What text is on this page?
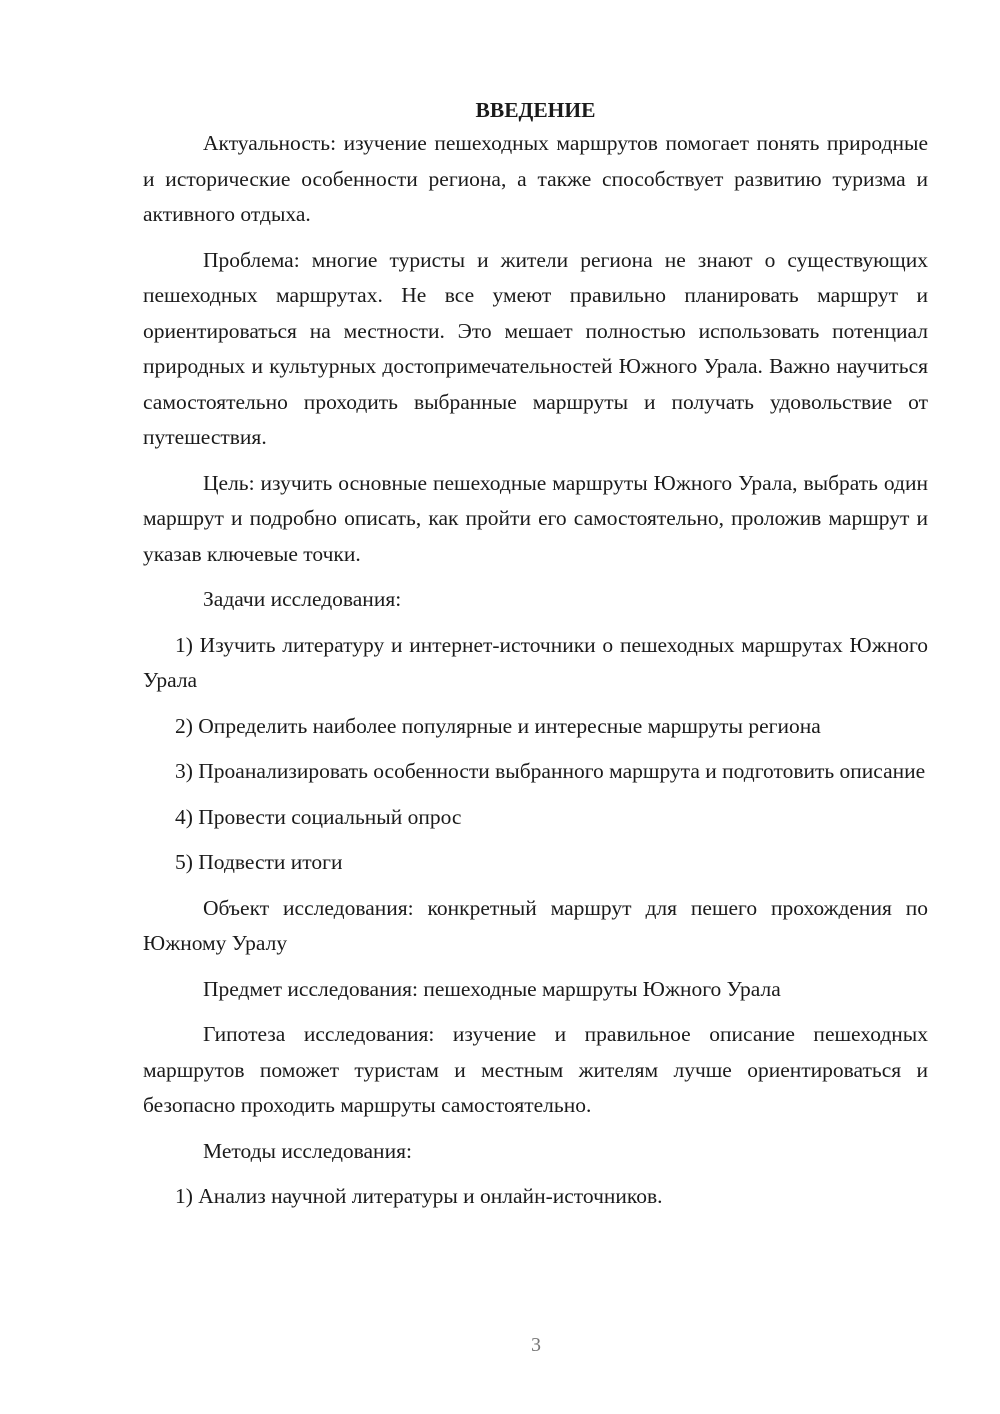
ВВЕДЕНИЕ

Актуальность: изучение пешеходных маршрутов помогает понять природные и исторические особенности региона, а также способствует развитию туризма и активного отдыха.

Проблема: многие туристы и жители региона не знают о существующих пешеходных маршрутах. Не все умеют правильно планировать маршрут и ориентироваться на местности. Это мешает полностью использовать потенциал природных и культурных достопримечательностей Южного Урала. Важно научиться самостоятельно проходить выбранные маршруты и получать удовольствие от путешествия.

Цель: изучить основные пешеходные маршруты Южного Урала, выбрать один маршрут и подробно описать, как пройти его самостоятельно, проложив маршрут и указав ключевые точки.

Задачи исследования:

1) Изучить литературу и интернет-источники о пешеходных маршрутах Южного Урала

2) Определить наиболее популярные и интересные маршруты региона

3) Проанализировать особенности выбранного маршрута и подготовить описание

4) Провести социальный опрос

5) Подвести итоги

Объект исследования: конкретный маршрут для пешего прохождения по Южному Уралу

Предмет исследования: пешеходные маршруты Южного Урала

Гипотеза исследования: изучение и правильное описание пешеходных маршрутов поможет туристам и местным жителям лучше ориентироваться и безопасно проходить маршруты самостоятельно.

Методы исследования:

1) Анализ научной литературы и онлайн-источников.

3
